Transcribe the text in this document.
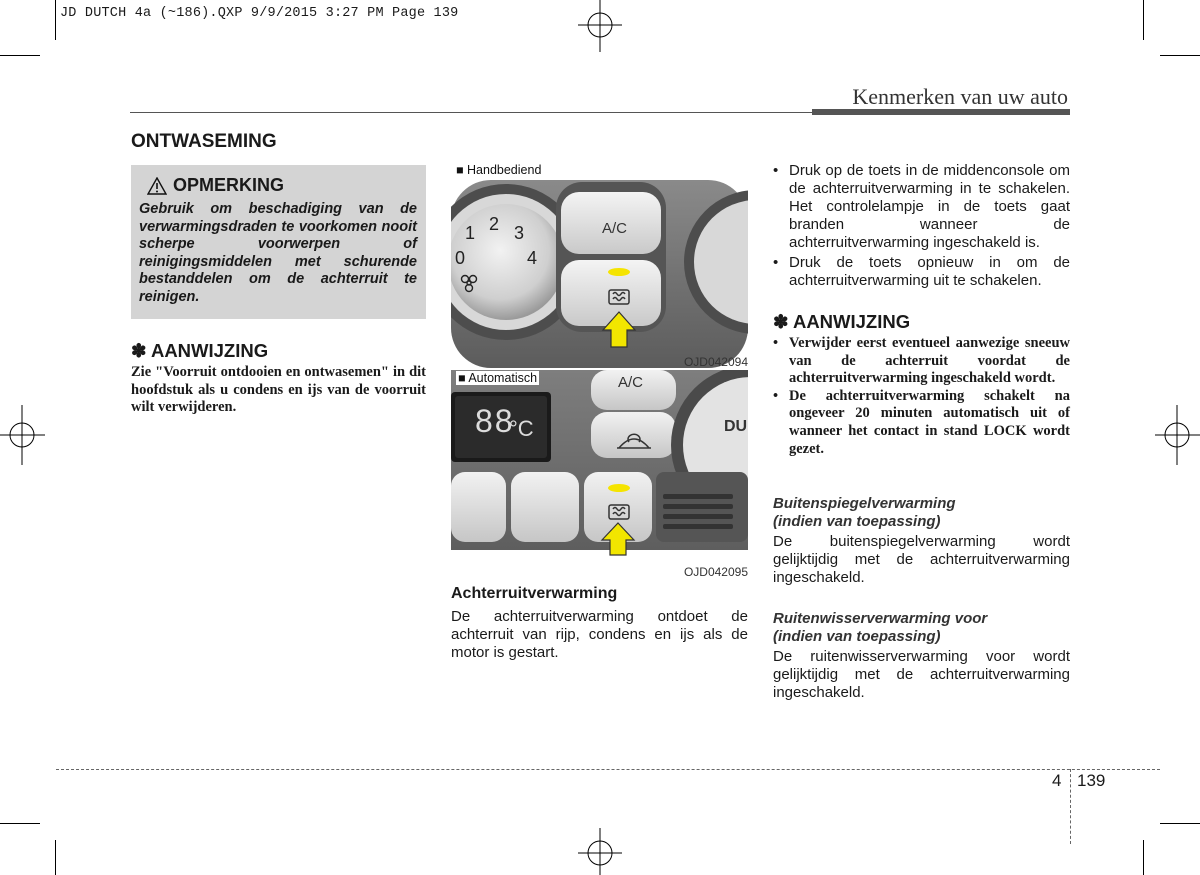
JD DUTCH 4a (~186).QXP 9/9/2015 3:27 PM Page 139
Kenmerken van uw auto
ONTWASEMING
OPMERKING
Gebruik om beschadiging van de verwarmingsdraden te voorkomen nooit scherpe voorwerpen of reinigingsmiddelen met schurende bestanddelen om de achterruit te reinigen.
✽ AANWIJZING
Zie "Voorruit ontdooien en ontwasemen" in dit hoofdstuk als u condens en ijs van de voorruit wilt verwijderen.
1 2 3
0	4
A/C
■ Handbediend
OJD042094
88
°C
A/C
DU
■ Automatisch
OJD042095
Achterruitverwarming
De achterruitverwarming ontdoet de achterruit van rijp, condens en ijs als de motor is gestart.
• Druk op de toets in de middenconsole om de achterruitverwarming in te schakelen. Het controlelampje in de toets gaat branden wanneer de achterruitverwarming ingeschakeld is.
• Druk de toets opnieuw in om de achterruitverwarming uit te schakelen.
✽ AANWIJZING
• Verwijder eerst eventueel aanwezige sneeuw van de achterruit voordat de achterruitverwarming ingeschakeld wordt.
• De achterruitverwarming schakelt na ongeveer 20 minuten automatisch uit of wanneer het contact in stand LOCK wordt gezet.
Buitenspiegelverwarming
(indien van toepassing)
De buitenspiegelverwarming wordt gelijktijdig met de achterruitverwarming ingeschakeld.
Ruitenwisserverwarming voor
(indien van toepassing)
De ruitenwisserverwarming voor wordt gelijktijdig met de achterruitverwarming ingeschakeld.
4 139
